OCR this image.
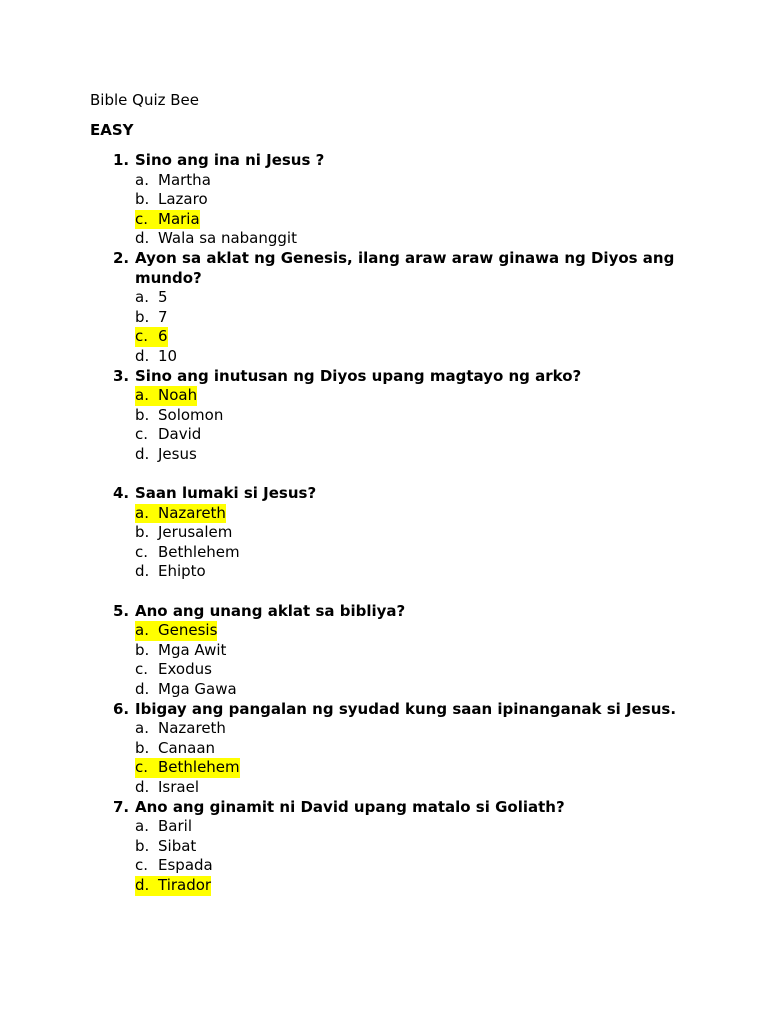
Bible Quiz Bee
EASY
1. Sino ang ina ni Jesus ?
a. Martha
b. Lazaro
c. Maria
d. Wala sa nabanggit
2. Ayon sa aklat ng Genesis, ilang araw araw ginawa ng Diyos ang mundo?
a. 5
b. 7
c. 6
d. 10
3. Sino ang inutusan ng Diyos upang magtayo ng arko?
a. Noah
b. Solomon
c. David
d. Jesus
4. Saan lumaki si Jesus?
a. Nazareth
b. Jerusalem
c. Bethlehem
d. Ehipto
5. Ano ang unang aklat sa bibliya?
a. Genesis
b. Mga Awit
c. Exodus
d. Mga Gawa
6. Ibigay ang pangalan ng syudad kung saan ipinanganak si Jesus.
a. Nazareth
b. Canaan
c. Bethlehem
d. Israel
7. Ano ang ginamit ni David upang matalo si Goliath?
a. Baril
b. Sibat
c. Espada
d. Tirador
